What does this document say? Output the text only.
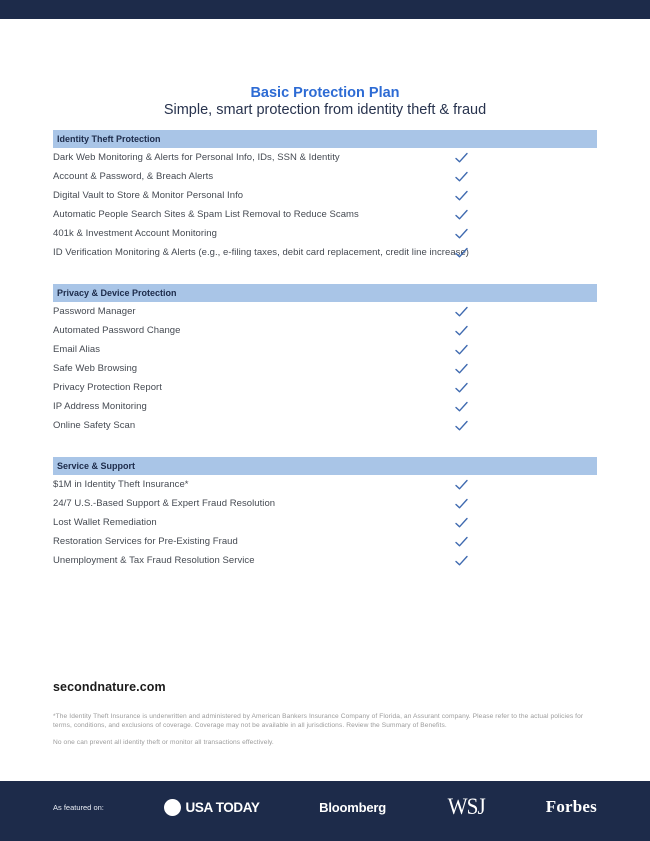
Basic Protection Plan
Simple, smart protection from identity theft & fraud
Identity Theft Protection
Dark Web Monitoring & Alerts for Personal Info, IDs, SSN & Identity
Account & Password, & Breach Alerts
Digital Vault to Store & Monitor Personal Info
Automatic People Search Sites & Spam List Removal to Reduce Scams
401k & Investment Account Monitoring
ID Verification Monitoring & Alerts (e.g., e-filing taxes, debit card replacement, credit line increase)
Privacy & Device Protection
Password Manager
Automated Password Change
Email Alias
Safe Web Browsing
Privacy Protection Report
IP Address Monitoring
Online Safety Scan
Service & Support
$1M in Identity Theft Insurance*
24/7 U.S.-Based Support & Expert Fraud Resolution
Lost Wallet Remediation
Restoration Services for Pre-Existing Fraud
Unemployment & Tax Fraud Resolution Service
secondnature.com

*The Identity Theft Insurance is underwritten and administered by American Bankers Insurance Company of Florida, an Assurant company. Please refer to the actual policies for terms, conditions, and exclusions of coverage. Coverage may not be available in all jurisdictions. Review the Summary of Benefits.

No one can prevent all identity theft or monitor all transactions effectively.

As featured on:	USA TODAY	Bloomberg	WSJ	Forbes
